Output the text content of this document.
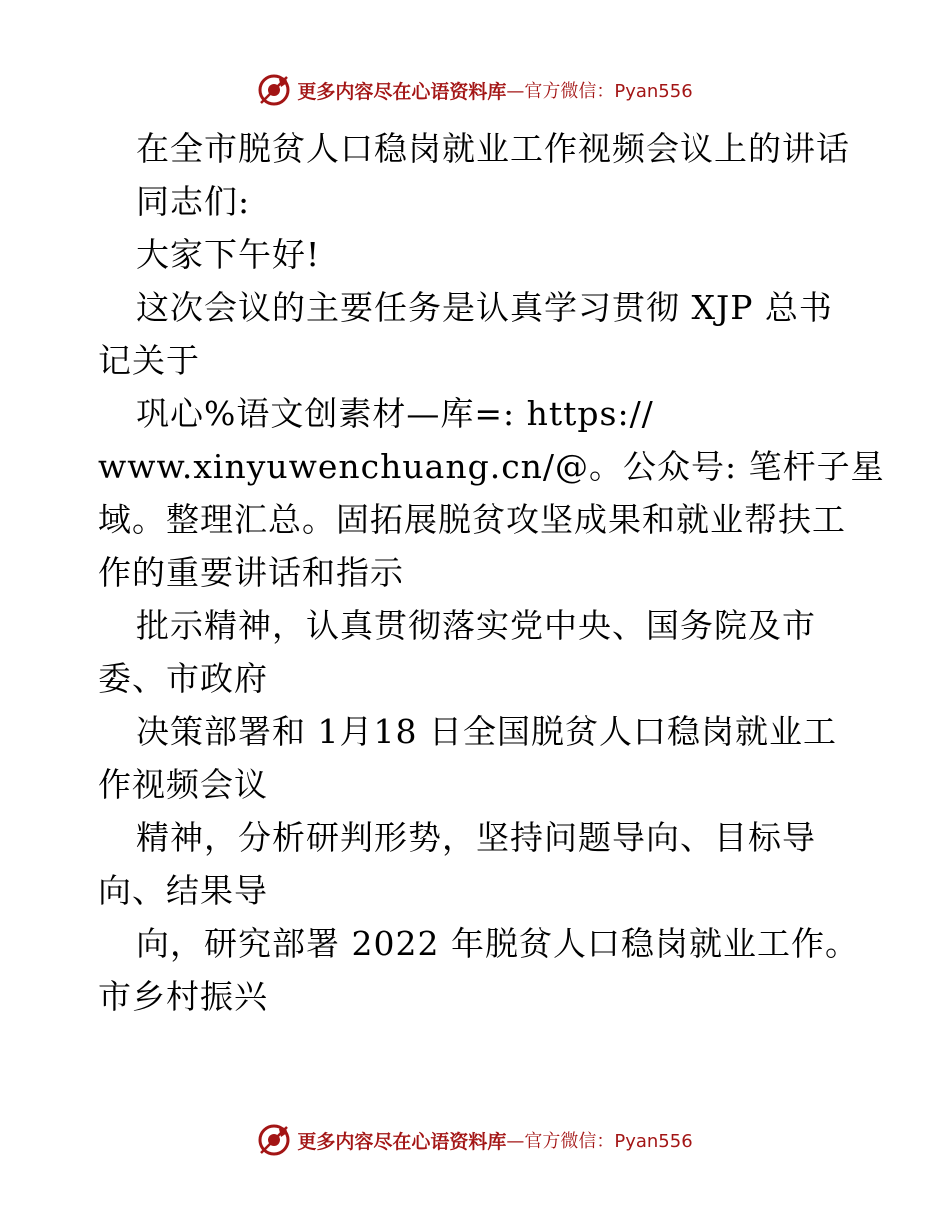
更多内容尽在心语资料库 —官方微信：Pyan556
在全市脱贫人口稳岗就业工作视频会议上的讲话
同志们:
大家下午好!
这次会议的主要任务是认真学习贯彻 XJP 总书
记关于
巩心%语文创素材—库=: https://
www.xinyuwenchuang.cn/@。公众号: 笔杆子星
域。整理汇总。固拓展脱贫攻坚成果和就业帮扶工
作的重要讲话和指示
批示精神，认真贯彻落实党中央、国务院及市
委、市政府
决策部署和 1月18 日全国脱贫人口稳岗就业工
作视频会议
精神，分析研判形势，坚持问题导向、目标导
向、结果导
向，研究部署 2022 年脱贫人口稳岗就业工作。
市乡村振兴
更多内容尽在心语资料库 —官方微信：Pyan556
